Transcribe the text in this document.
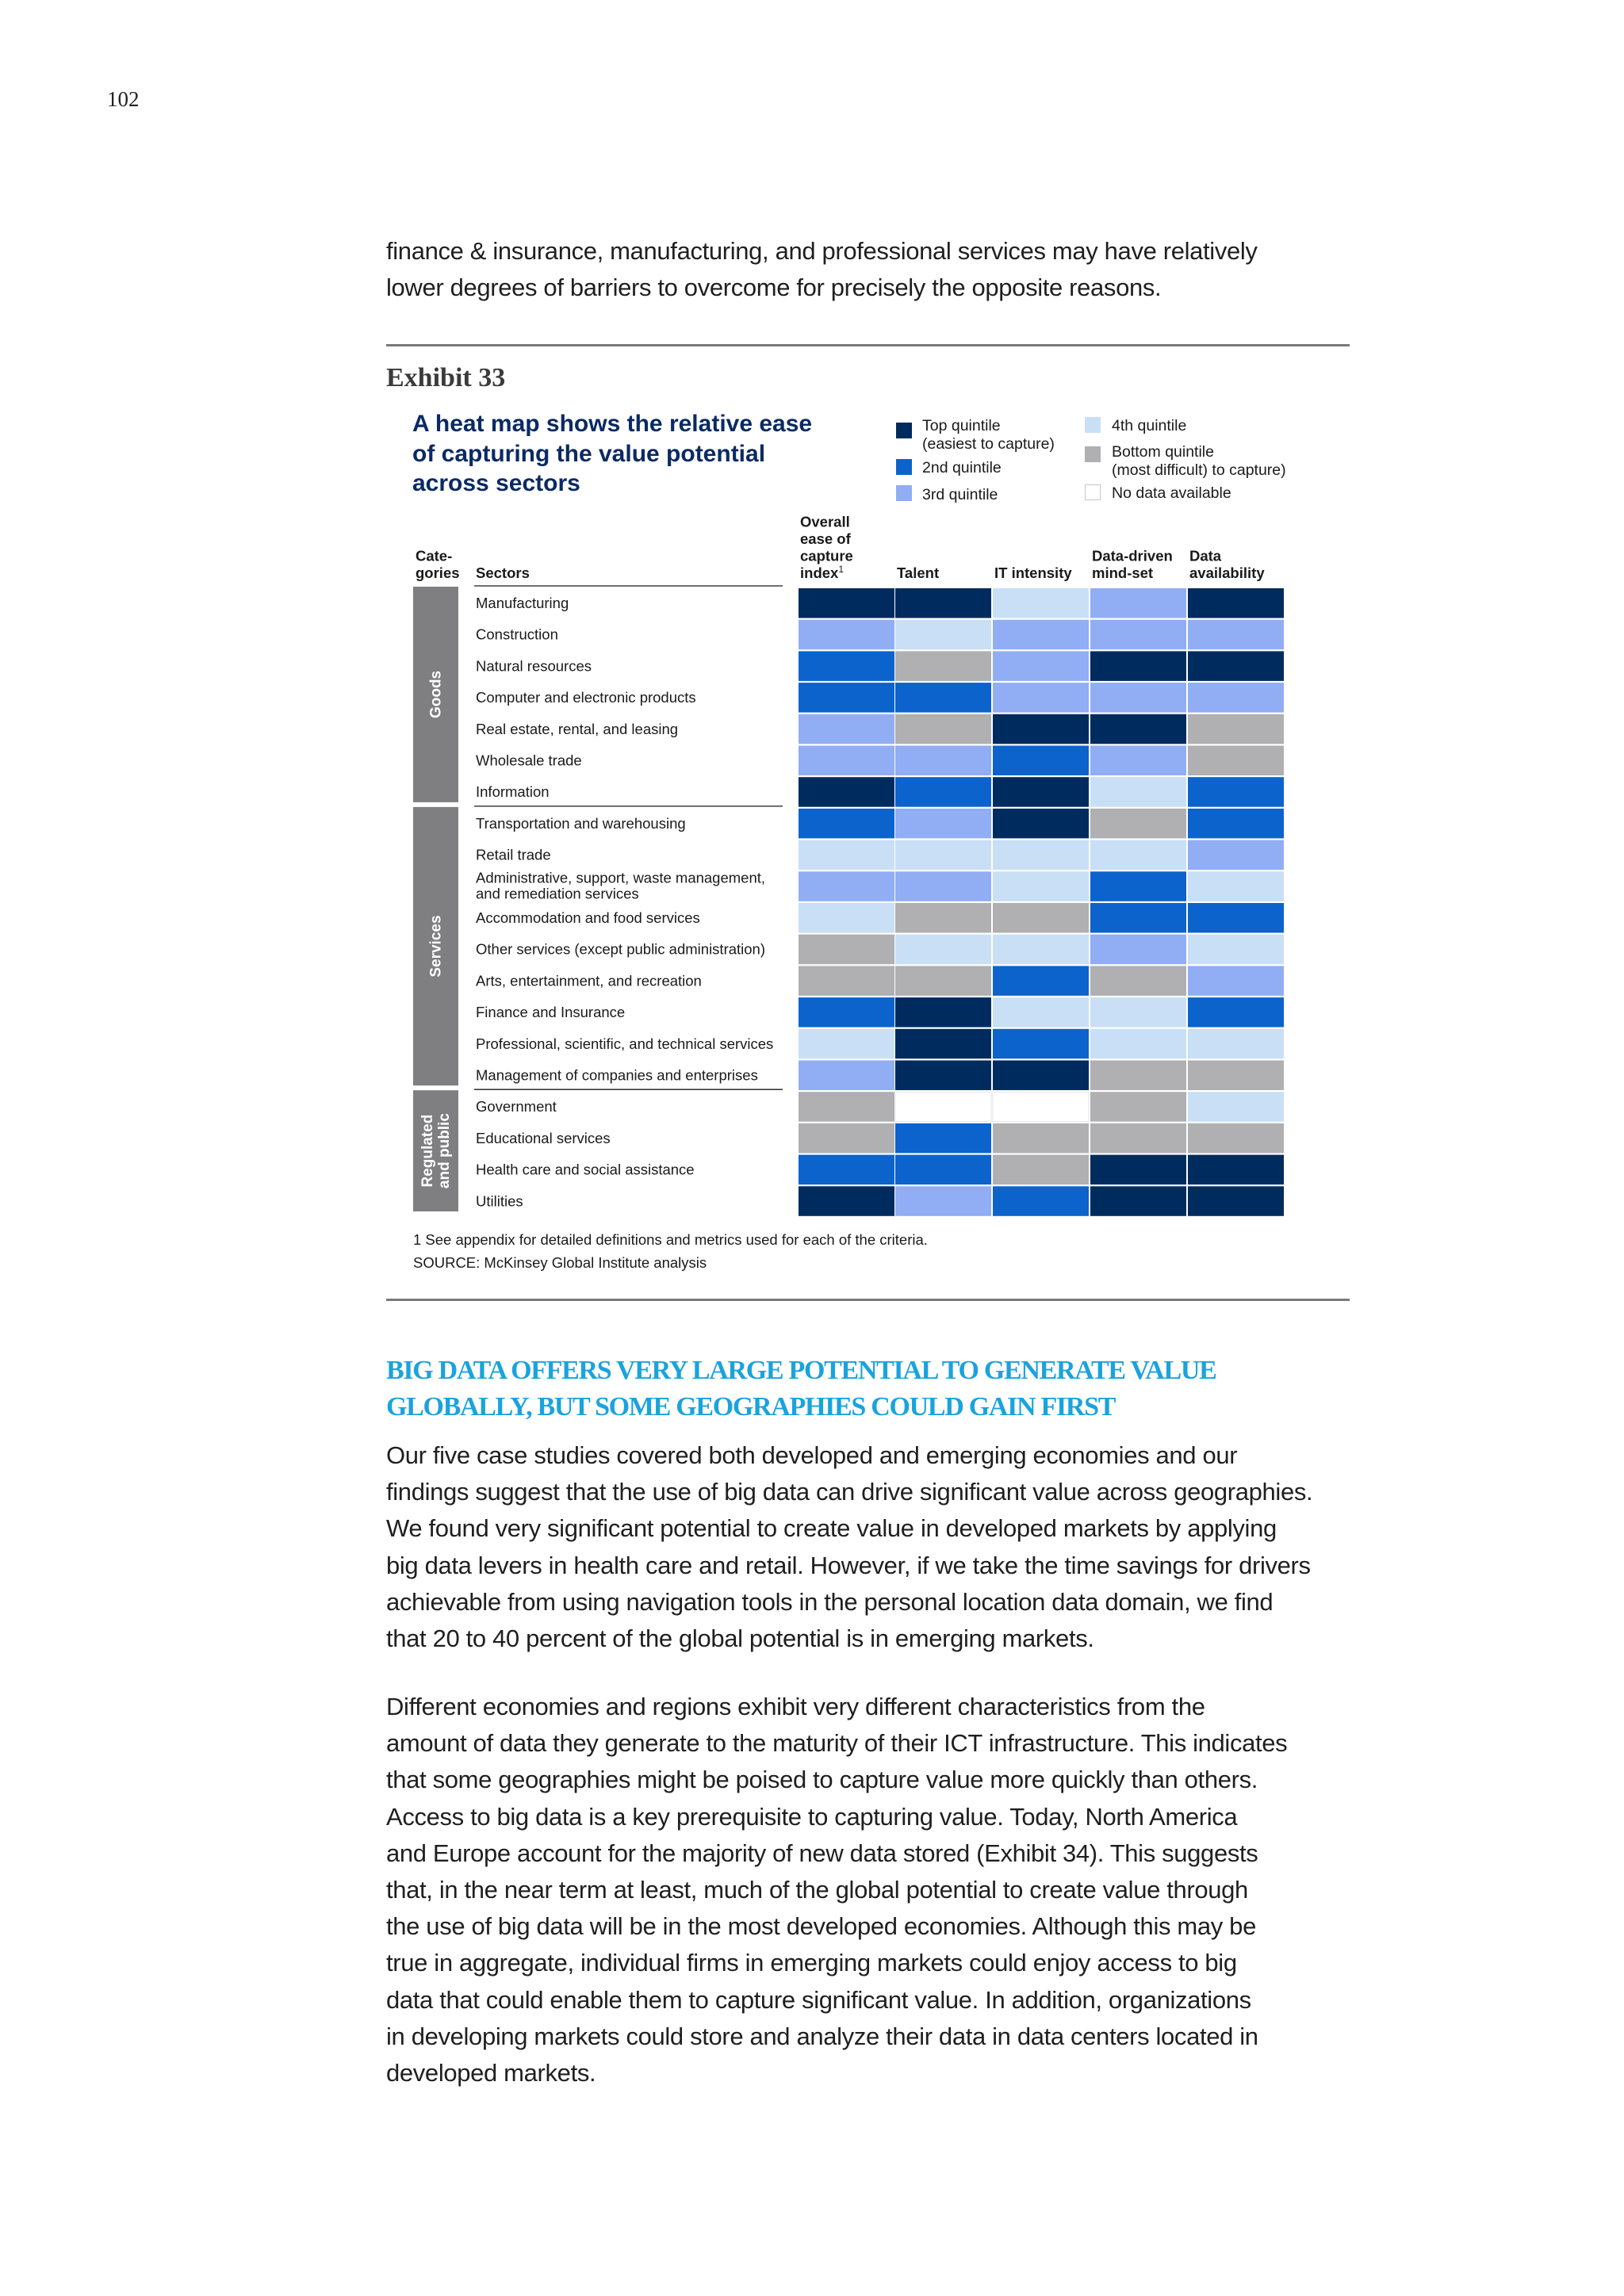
102

finance & insurance, manufacturing, and professional services may have relatively

lower degrees of barriers to overcome for precisely the opposite reasons.

Exhibit 33
A heat map shows the relative ease
of capturing the value potential
across sectors
Top quintile
(easiest to capture)
2nd quintile
3rd quintile
4th quintile
Bottom quintile
(most difficult) to capture)
No data available
Overall
ease of
capture
index$^1$	Talent	IT intensity
Data-driven
mind-set
Data
availability
Cate-
gories Sectors
Manufacturing
Construction
Natural resources
Computer and electronic products
Real estate, rental, and leasing
Wholesale trade
Information
Transportation and warehousing
Retail trade
Administrative, support, waste management,
and remediation services
Accommodation and food services
Other services (except public administration)
Arts, entertainment, and recreation
Finance and Insurance
Professional, scientific, and technical services
Management of companies and enterprises
Government
Educational services
Health care and social assistance
Utilities
Goods
Services
Regulated and public
1 See appendix for detailed definitions and metrics used for each of the criteria.
SOURCE: McKinsey Global Institute analysis
BIG DATA OFFERS VERY LARGE POTENTIAL TO GENERATE VALUE
GLOBALLY, BUT SOME GEOGRAPHIES COULD GAIN FIRST

Our five case studies covered both developed and emerging economies and our

findings suggest that the use of big data can drive significant value across geographies.

We found very significant potential to create value in developed markets by applying

big data levers in health care and retail. However, if we take the time savings for drivers

achievable from using navigation tools in the personal location data domain, we find

that 20 to 40 percent of the global potential is in emerging markets.

Different economies and regions exhibit very different characteristics from the

amount of data they generate to the maturity of their ICT infrastructure. This indicates

that some geographies might be poised to capture value more quickly than others.

Access to big data is a key prerequisite to capturing value. Today, North America

and Europe account for the majority of new data stored (Exhibit 34). This suggests

that, in the near term at least, much of the global potential to create value through

the use of big data will be in the most developed economies. Although this may be

true in aggregate, individual firms in emerging markets could enjoy access to big

data that could enable them to capture significant value. In addition, organizations

in developing markets could store and analyze their data in data centers located in

developed markets.
